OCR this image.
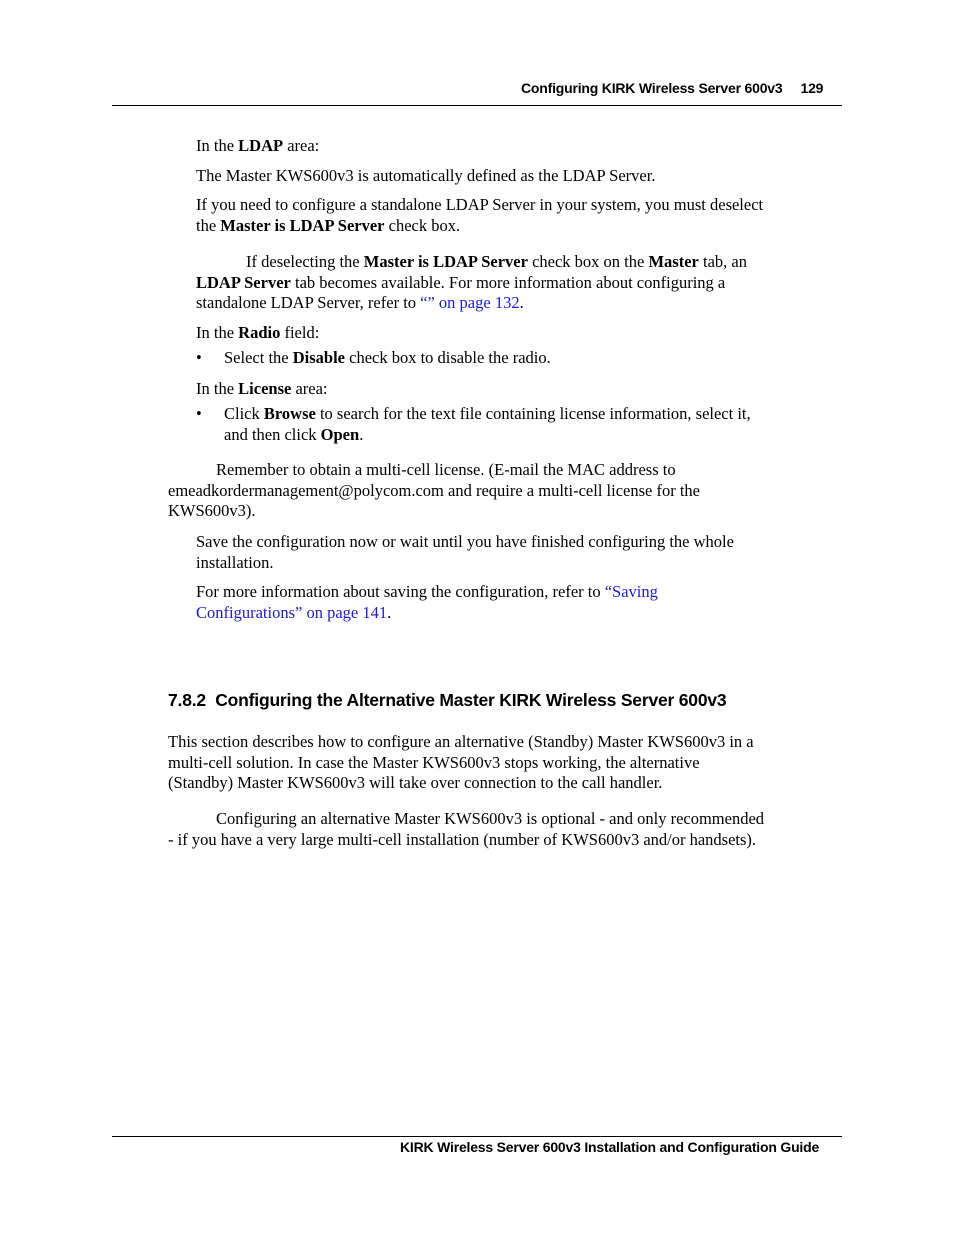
Configuring KIRK Wireless Server 600v3 129
In the LDAP area:
The Master KWS600v3 is automatically defined as the LDAP Server.
If you need to configure a standalone LDAP Server in your system, you must deselect
the Master is LDAP Server check box.
If deselecting the Master is LDAP Server check box on the Master tab, an
LDAP Server tab becomes available. For more information about configuring a
standalone LDAP Server, refer to “” on page 132.
In the Radio field:
• Select the Disable check box to disable the radio.
In the License area:
• Click Browse to search for the text file containing license information, select it,
and then click Open.
Remember to obtain a multi-cell license. (E-mail the MAC address to
emeadkordermanagement@polycom.com and require a multi-cell license for the
KWS600v3).
Save the configuration now or wait until you have finished configuring the whole
installation.
For more information about saving the configuration, refer to “Saving
Configurations” on page 141.
7.8.2  Configuring the Alternative Master KIRK Wireless Server 600v3
This section describes how to configure an alternative (Standby) Master KWS600v3 in a
multi-cell solution. In case the Master KWS600v3 stops working, the alternative
(Standby) Master KWS600v3 will take over connection to the call handler.
Configuring an alternative Master KWS600v3 is optional - and only recommended
- if you have a very large multi-cell installation (number of KWS600v3 and/or handsets).
KIRK Wireless Server 600v3 Installation and Configuration Guide
